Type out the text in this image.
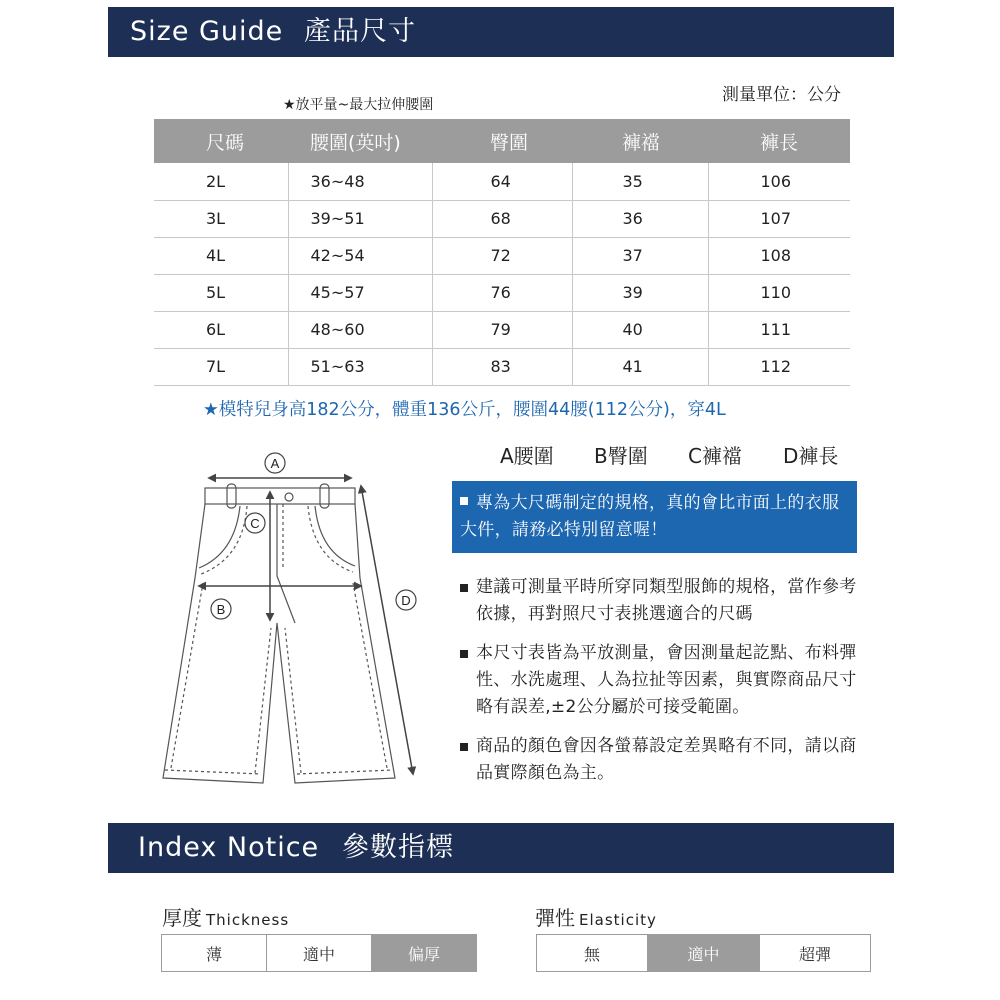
Size Guide 產品尺寸
★放平量~最大拉伸腰圍	測量單位：公分
尺碼	腰圍(英吋)	臀圍	褲襠	褲長
2L	36~48	64	35	106
3L	39~51	68	36	107
4L	42~54	72	37	108
5L	45~57	76	39	110
6L	48~60	79	40	111
7L	51~63	83	41	112
★模特兒身高182公分，體重136公斤，腰圍44腰(112公分)，穿4L
A腰圍 B臀圍 C褲襠 D褲長
A
B
C
D
專為大尺碼制定的規格，真的會比市面上的衣服大件，請務必特別留意喔！
建議可測量平時所穿同類型服飾的規格，當作參考依據，再對照尺寸表挑選適合的尺碼
本尺寸表皆為平放測量，會因測量起訖點、布料彈性、水洗處理、人為拉扯等因素，與實際商品尺寸略有誤差,±2公分屬於可接受範圍。
商品的顏色會因各螢幕設定差異略有不同，請以商品實際顏色為主。
Index Notice 參數指標
厚度 Thickness
薄	適中	偏厚
彈性 Elasticity
無	適中	超彈
